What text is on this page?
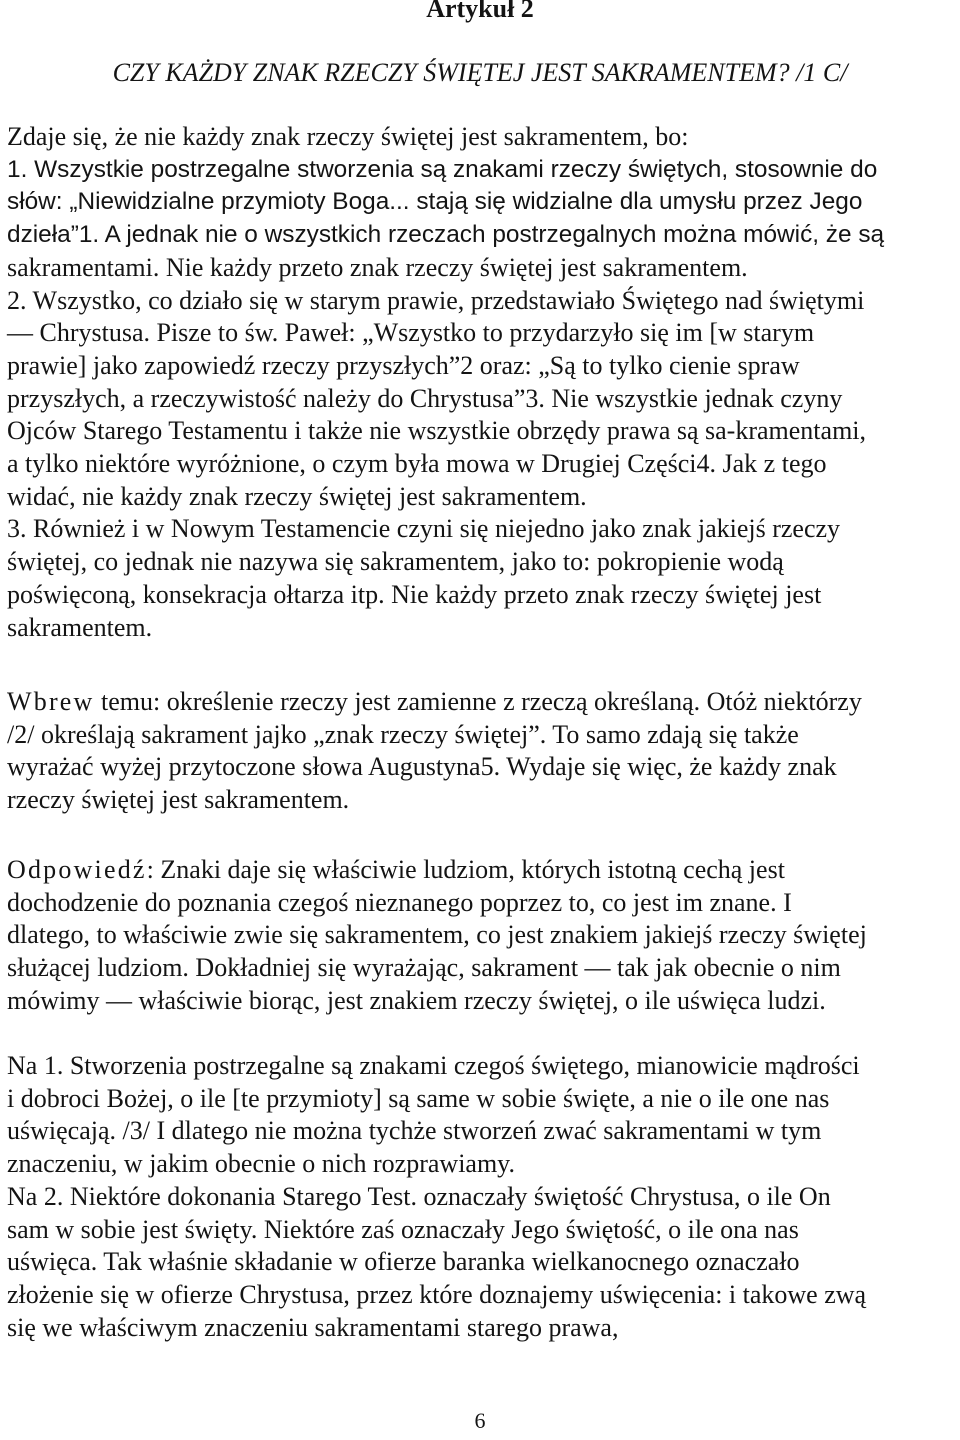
Artykuł 2
CZY KAŻDY ZNAK RZECZY ŚWIĘTEJ JEST SAKRAMENTEM? /1 C/
Zdaje się, że nie każdy znak rzeczy świętej jest sakramentem, bo:
1. Wszystkie postrzegalne stworzenia są znakami rzeczy świętych, stosownie do
słów: „Niewidzialne przymioty Boga... stają się widzialne dla umysłu przez Jego
dzieła”1. A jednak nie o wszystkich rzeczach postrzegalnych można mówić, że są
sakramentami. Nie każdy przeto znak rzeczy świętej jest sakramentem.
2. Wszystko, co działo się w starym prawie, przedstawiało Świętego nad świętymi
— Chrystusa. Pisze to św. Paweł: „Wszystko to przydarzyło się im [w starym
prawie] jako zapowiedź rzeczy przyszłych”2 oraz: „Są to tylko cienie spraw
przyszłych, a rzeczywistość należy do Chrystusa”3. Nie wszystkie jednak czyny
Ojców Starego Testamentu i także nie wszystkie obrzędy prawa są sa-kramentami,
a tylko niektóre wyróżnione, o czym była mowa w Drugiej Części4. Jak z tego
widać, nie każdy znak rzeczy świętej jest sakramentem.
3. Również i w Nowym Testamencie czyni się niejedno jako znak jakiejś rzeczy
świętej, co jednak nie nazywa się sakramentem, jako to: pokropienie wodą
poświęconą, konsekracja ołtarza itp. Nie każdy przeto znak rzeczy świętej jest
sakramentem.
Wbrew temu: określenie rzeczy jest zamienne z rzeczą określaną. Otóż niektórzy
/2/ określają sakrament jajko „znak rzeczy świętej”. To samo zdają się także
wyrażać wyżej przytoczone słowa Augustyna5. Wydaje się więc, że każdy znak
rzeczy świętej jest sakramentem.
Odpowiedź: Znaki daje się właściwie ludziom, których istotną cechą jest
dochodzenie do poznania czegoś nieznanego poprzez to, co jest im znane. I
dlatego, to właściwie zwie się sakramentem, co jest znakiem jakiejś rzeczy świętej
służącej ludziom. Dokładniej się wyrażając, sakrament — tak jak obecnie o nim
mówimy — właściwie biorąc, jest znakiem rzeczy świętej, o ile uświęca ludzi.
Na 1. Stworzenia postrzegalne są znakami czegoś świętego, mianowicie mądrości
i dobroci Bożej, o ile [te przymioty] są same w sobie święte, a nie o ile one nas
uświęcają. /3/ I dlatego nie można tychże stworzeń zwać sakramentami w tym
znaczeniu, w jakim obecnie o nich rozprawiamy.
Na 2. Niektóre dokonania Starego Test. oznaczały świętość Chrystusa, o ile On
sam w sobie jest święty. Niektóre zaś oznaczały Jego świętość, o ile ona nas
uświęca. Tak właśnie składanie w ofierze baranka wielkanocnego oznaczało
złożenie się w ofierze Chrystusa, przez które doznajemy uświęcenia: i takowe zwą
się we właściwym znaczeniu sakramentami starego prawa,
6
